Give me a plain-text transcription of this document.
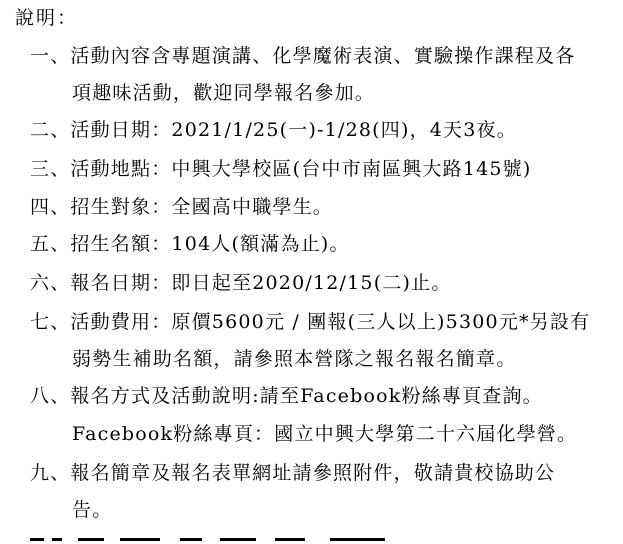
說明：
一、活動內容含專題演講、化學魔術表演、實驗操作課程及各
項趣味活動，歡迎同學報名參加。
二、活動日期：2021/1/25(一)-1/28(四)，4天3夜。
三、活動地點：中興大學校區(台中市南區興大路145號)
四、招生對象：全國高中職學生。
五、招生名額：104人(額滿為止)。
六、報名日期：即日起至2020/12/15(二)止。
七、活動費用：原價5600元 / 團報(三人以上)5300元*另設有
弱勢生補助名額，請參照本營隊之報名報名簡章。
八、報名方式及活動說明:請至Facebook粉絲專頁查詢。
Facebook粉絲專頁：國立中興大學第二十六屆化學營。
九、報名簡章及報名表單網址請參照附件，敬請貴校協助公
告。
